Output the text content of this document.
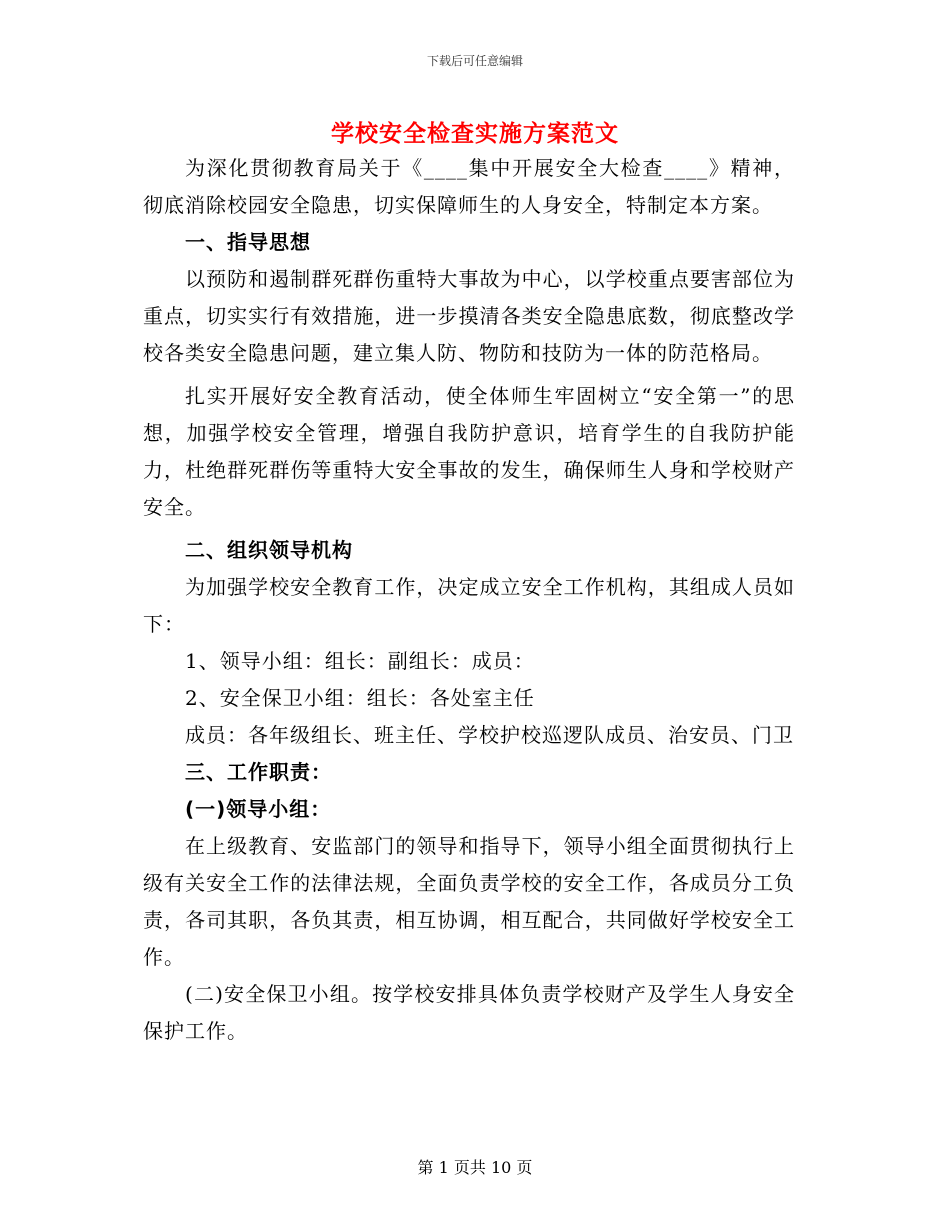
下载后可任意编辑
学校安全检查实施方案范文

为深化贯彻教育局关于《____集中开展安全大检查____》精神，彻底消除校园安全隐患，切实保障师生的人身安全，特制定本方案。

一、指导思想

以预防和遏制群死群伤重特大事故为中心，以学校重点要害部位为重点，切实实行有效措施，进一步摸清各类安全隐患底数，彻底整改学校各类安全隐患问题，建立集人防、物防和技防为一体的防范格局。

扎实开展好安全教育活动，使全体师生牢固树立“安全第一”的思想，加强学校安全管理，增强自我防护意识，培育学生的自我防护能力，杜绝群死群伤等重特大安全事故的发生，确保师生人身和学校财产安全。

二、组织领导机构

为加强学校安全教育工作，决定成立安全工作机构，其组成人员如下：

1、领导小组：组长：副组长：成员：

2、安全保卫小组：组长：各处室主任

成员：各年级组长、班主任、学校护校巡逻队成员、治安员、门卫

三、工作职责：

(一)领导小组：

在上级教育、安监部门的领导和指导下，领导小组全面贯彻执行上级有关安全工作的法律法规，全面负责学校的安全工作，各成员分工负责，各司其职，各负其责，相互协调，相互配合，共同做好学校安全工作。

(二)安全保卫小组。按学校安排具体负责学校财产及学生人身安全保护工作。

第 1 页共 10 页
